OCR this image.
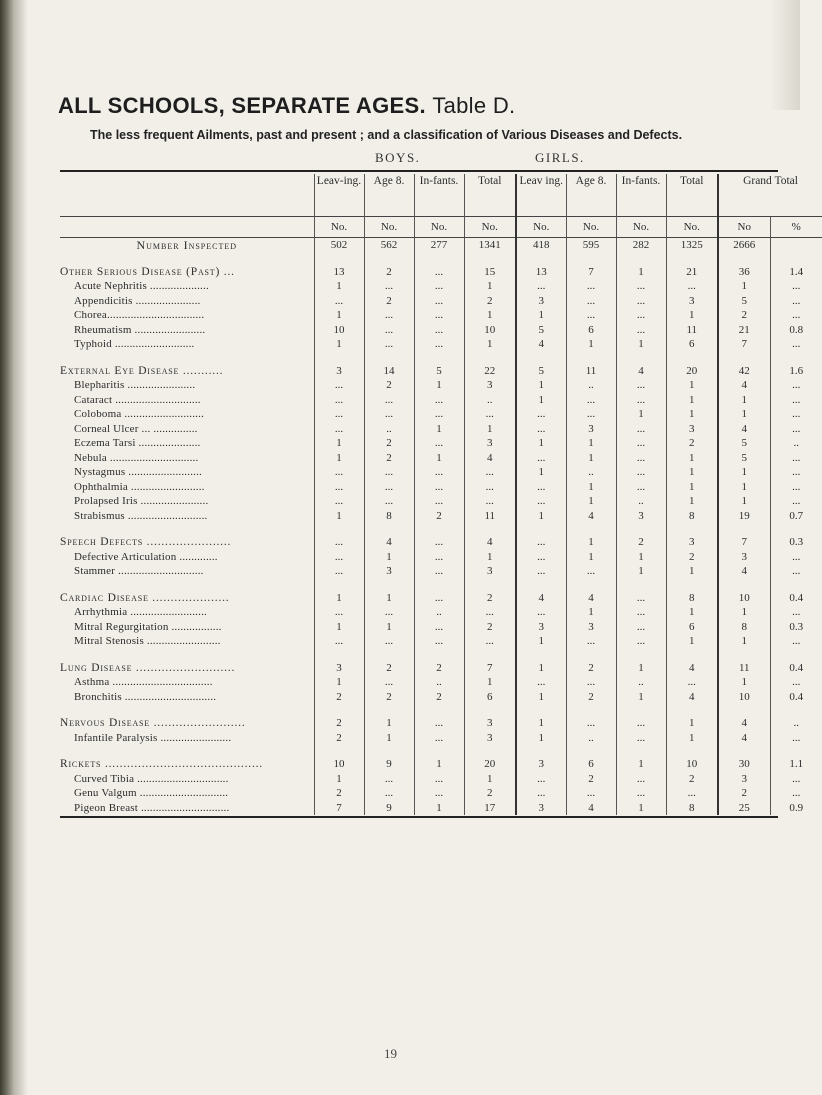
ALL SCHOOLS, SEPARATE AGES. Table D.
The less frequent Ailments, past and present ; and a classification of Various Diseases and Defects.
BOYS.	GIRLS.
	Leav-ing.	Age 8.	In-fants.	Total	Leav ing.	Age 8.	In-fants.	Total	Grand Total	
	No.	No.	No.	No.	No.	No.	No.	No.	No	%
Number Inspected	502	562	277	1341	418	595	282	1325	2666	

Other Serious Disease (Past) ...	13	2	...	15	13	7	1	21	36	1.4
Acute Nephritis ....................	1	...	...	1	...	...	...	...	1	...
Appendicitis ......................	...	2	...	2	3	...	...	3	5	...
Chorea.................................	1	...	...	1	1	...	...	1	2	...
Rheumatism ........................	10	...	...	10	5	6	...	11	21	0.8
Typhoid ...........................	1	...	...	1	4	1	1	6	7	...

External Eye Disease ...........	3	14	5	22	5	11	4	20	42	1.6
Blepharitis .......................	...	2	1	3	1	..	...	1	4	...
Cataract .............................	...	...	...	..	1	...	...	1	1	...
Coloboma ...........................	...	...	...	...	...	...	1	1	1	...
Corneal Ulcer ... ...............	...	..	1	1	...	3	...	3	4	...
Eczema Tarsi .....................	1	2	...	3	1	1	...	2	5	..
Nebula ..............................	1	2	1	4	...	1	...	1	5	...
Nystagmus .........................	...	...	...	...	1	..	...	1	1	...
Ophthalmia .........................	...	...	...	...	...	1	...	1	1	...
Prolapsed Iris .......................	...	...	...	...	...	1	..	1	1	...
Strabismus ...........................	1	8	2	11	1	4	3	8	19	0.7

Speech Defects .......................	...	4	...	4	...	1	2	3	7	0.3
Defective Articulation .............	...	1	...	1	...	1	1	2	3	...
Stammer .............................	...	3	...	3	...	...	1	1	4	...

Cardiac Disease .....................	1	1	...	2	4	4	...	8	10	0.4
Arrhythmia ..........................	...	...	..	...	...	1	...	1	1	...
Mitral Regurgitation .................	1	1	...	2	3	3	...	6	8	0.3
Mitral Stenosis .........................	...	...	...	...	1	...	...	1	1	...

Lung Disease ...........................	3	2	2	7	1	2	1	4	11	0.4
Asthma ..................................	1	...	..	1	...	...	..	...	1	...
Bronchitis ...............................	2	2	2	6	1	2	1	4	10	0.4

Nervous Disease .........................	2	1	...	3	1	...	...	1	4	..
Infantile Paralysis ........................	2	1	...	3	1	..	...	1	4	...

Rickets ...........................................	10	9	1	20	3	6	1	10	30	1.1
Curved Tibia ...............................	1	...	...	1	...	2	...	2	3	...
Genu Valgum ..............................	2	...	...	2	...	...	...	...	2	...
Pigeon Breast ..............................	7	9	1	17	3	4	1	8	25	0.9
19
